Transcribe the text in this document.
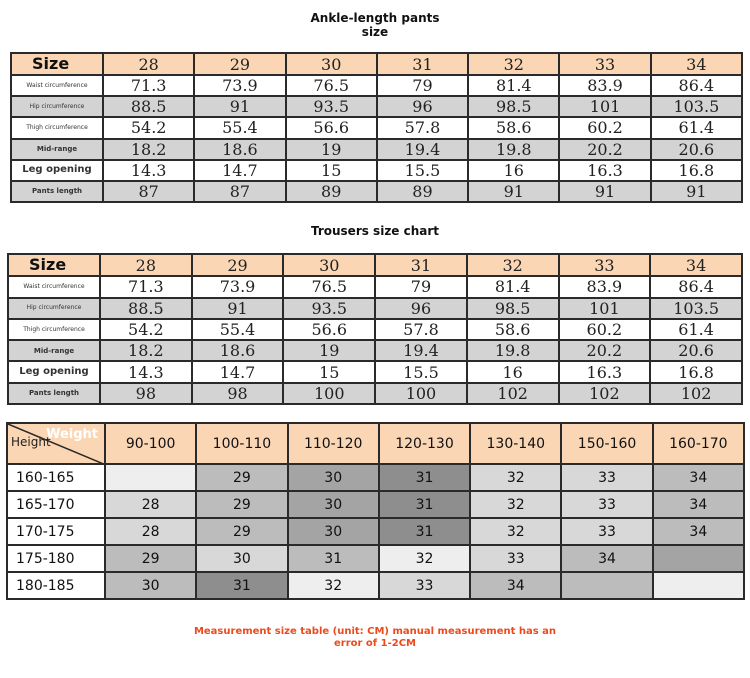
Ankle-length pants
size
Size	28	29	30	31	32	33	34
Waist circumference	71.3	73.9	76.5	79	81.4	83.9	86.4
Hip circumference	88.5	91	93.5	96	98.5	101	103.5
Thigh circumference	54.2	55.4	56.6	57.8	58.6	60.2	61.4
Mid-range	18.2	18.6	19	19.4	19.8	20.2	20.6
Leg opening	14.3	14.7	15	15.5	16	16.3	16.8
Pants length	87	87	89	89	91	91	91
Trousers size chart
Size	28	29	30	31	32	33	34
Waist circumference	71.3	73.9	76.5	79	81.4	83.9	86.4
Hip circumference	88.5	91	93.5	96	98.5	101	103.5
Thigh circumference	54.2	55.4	56.6	57.8	58.6	60.2	61.4
Mid-range	18.2	18.6	19	19.4	19.8	20.2	20.6
Leg opening	14.3	14.7	15	15.5	16	16.3	16.8
Pants length	98	98	100	100	102	102	102
Weight
Height	90-100	100-110	110-120	120-130	130-140	150-160	160-170
160-165		29	30	31	32	33	34
165-170	28	29	30	31	32	33	34
170-175	28	29	30	31	32	33	34
175-180	29	30	31	32	33	34	
180-185	30	31	32	33	34		
Measurement size table (unit: CM) manual measurement has an
error of 1-2CM
